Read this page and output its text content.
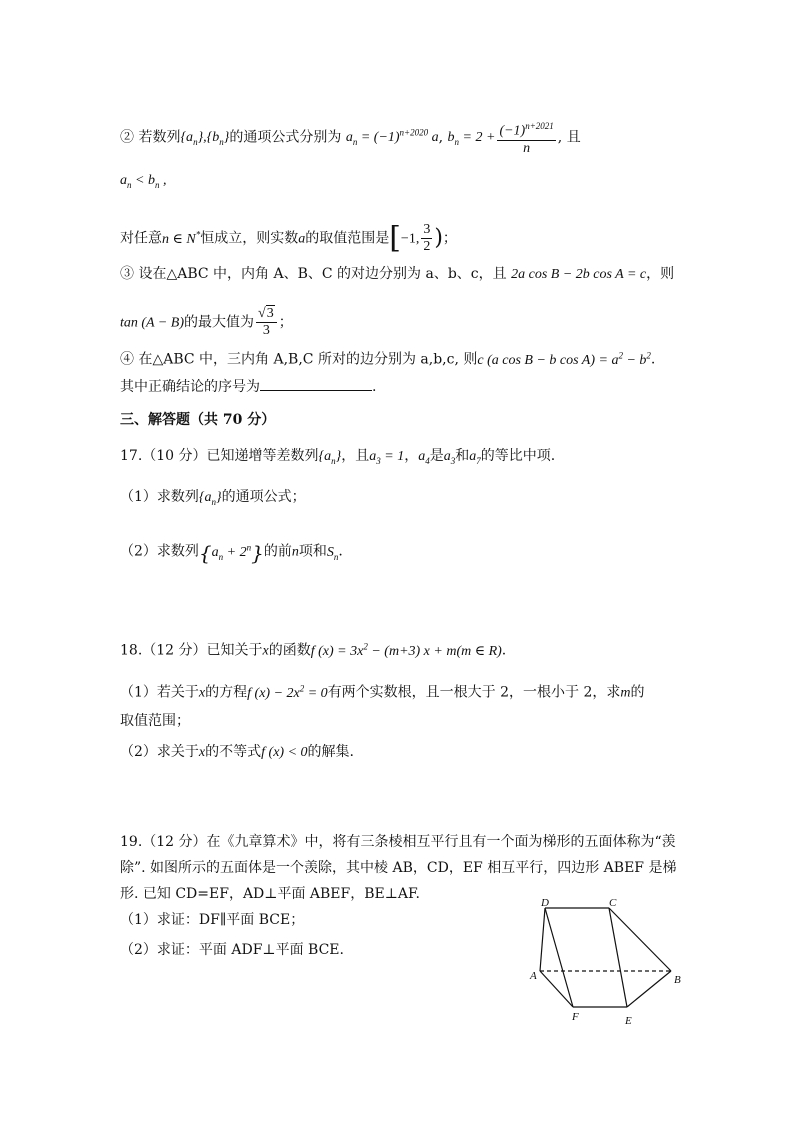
② 若数列$\{a_n\},\{b_n\}$的通项公式分别为 $a_n = (-1)^{n+2020}$ a, $b_n = 2 + \frac{(-1)^{n+2021}}{n}$ , 且
$a_n < b_n$ ,
对任意n ∈ N*恒成立，则实数a的取值范围是[−1, $\frac{3}{2}$ )；
③ 设在△ABC 中，内角 A、B、C 的对边分别为 a、b、c，且 2a cos B − 2b cos A = c，则
tan (A − B)的最大值为 $\frac{√3}{3}$ ；
④ 在△ABC 中，三内角 A,B,C 所对的边分别为 a,b,c, 则c (a cos B − b $\cos A) = a^2 - b^2$.
其中正确结论的序号为	.
三、解答题（共 70 分）
17.（10 分）已知递增等差数列$\{a_n\}$，且$a_3 = 1$，$a_4$是$a_3$和$a_7$的等比中项.
（1）求数列$\{a_n\}$的通项公式；
（2）求数列$\{a_n + 2^n\}$的前n项和$S_n$.
18.（12 分）已知关于x的函数f $(x) = 3x^2 - (m+3) x + m(m$ ∈ R).
（1）若关于x的方程f $(x) - 2x^2 = 0$有两个实数根，且一根大于 2，一根小于 2，求m的
取值范围；
（2）求关于x的不等式f (x) < 0的解集.
19.（12 分）在《九章算术》中，将有三条棱相互平行且有一个面为梯形的五面体称为“羡
除”. 如图所示的五面体是一个羡除，其中棱 AB，CD，EF 相互平行，四边形 ABEF 是梯
形. 已知 CD=EF，AD⊥平面 ABEF，BE⊥AF.
（1）求证：DF∥平面 BCE；
（2）求证：平面 ADF⊥平面 BCE.
D	C
A	B
F	E
